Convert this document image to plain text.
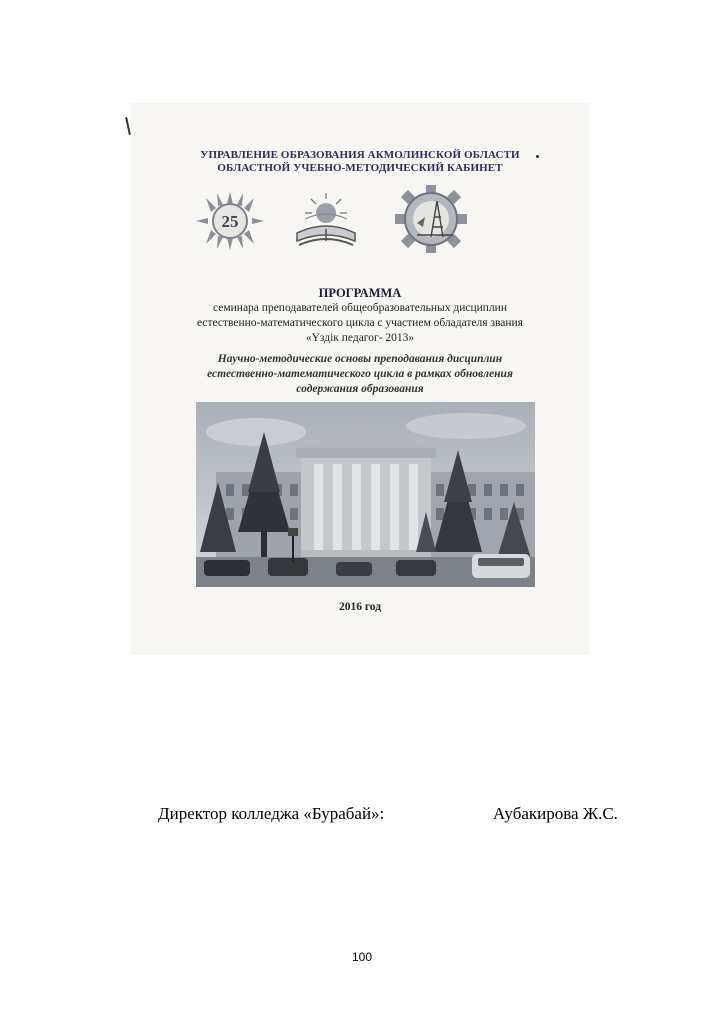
УПРАВЛЕНИЕ ОБРАЗОВАНИЯ АКМОЛИНСКОЙ ОБЛАСТИ
ОБЛАСТНОЙ УЧЕБНО-МЕТОДИЧЕСКИЙ КАБИНЕТ
25
ПРОГРАММА
семинара преподавателей общеобразовательных дисциплин
естественно-математического цикла с участием обладателя звания
«Үздік педагог- 2013»
Научно-методические основы преподавания дисциплин
естественно-математического цикла в рамках обновления
содержания образования
2016 год
Директор колледжа «Бурабай»:	Аубакирова Ж.С.
100
